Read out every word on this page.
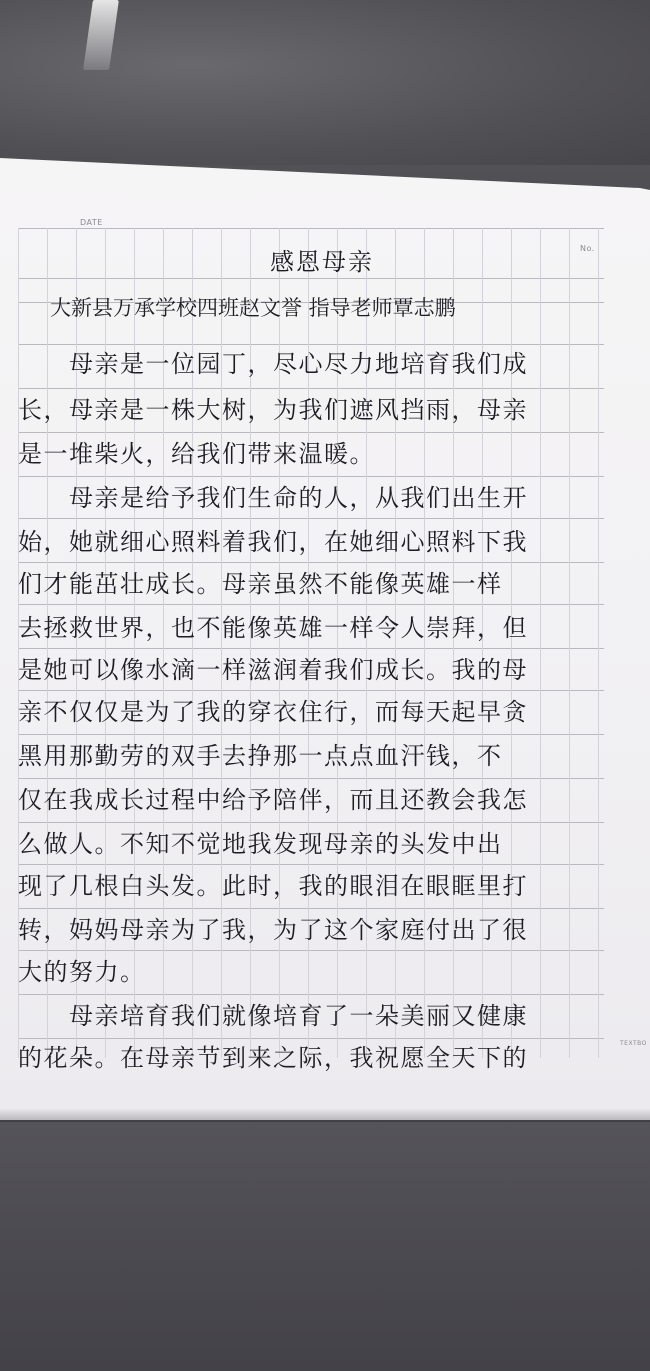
DATE
No.
TEXTBO
感恩母亲
大新县万承学校四班赵文誉 指导老师覃志鹏
　　母亲是一位园丁，尽心尽力地培育我们成
长，母亲是一株大树，为我们遮风挡雨，母亲
是一堆柴火，给我们带来温暖。
　　母亲是给予我们生命的人，从我们出生开
始，她就细心照料着我们，在她细心照料下我
们才能茁壮成长。母亲虽然不能像英雄一样
去拯救世界，也不能像英雄一样令人崇拜，但
是她可以像水滴一样滋润着我们成长。我的母
亲不仅仅是为了我的穿衣住行，而每天起早贪
黑用那勤劳的双手去挣那一点点血汗钱，不
仅在我成长过程中给予陪伴，而且还教会我怎
么做人。不知不觉地我发现母亲的头发中出
现了几根白头发。此时，我的眼泪在眼眶里打
转，妈妈母亲为了我，为了这个家庭付出了很
大的努力。
　　母亲培育我们就像培育了一朵美丽又健康
的花朵。在母亲节到来之际，我祝愿全天下的
